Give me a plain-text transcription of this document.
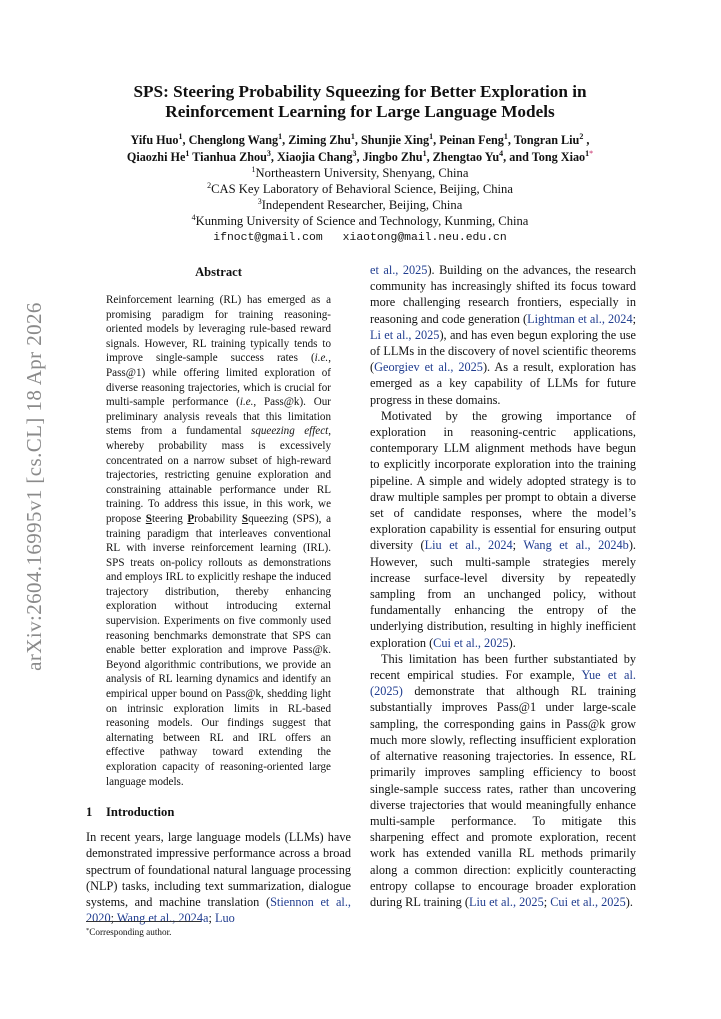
arXiv:2604.16995v1 [cs.CL] 18 Apr 2026
SPS: Steering Probability Squeezing for Better Exploration in
Reinforcement Learning for Large Language Models
Yifu Huo$^1$, Chenglong Wang$^1$, Ziming Zhu$^1$, Shunjie Xing$^1$, Peinan Feng$^1$, Tongran Liu$^2$ ,
Qiaozhi He$^1$ Tianhua Zhou$^3$, Xiaojia Chang$^3$, Jingbo Zhu$^1$, Zhengtao Yu$^4$, and Tong Xiao$^{1*}$
$^1$Northeastern University, Shenyang, China
$^2$CAS Key Laboratory of Behavioral Science, Beijing, China
$^3$Independent Researcher, Beijing, China
$^4$Kunming University of Science and Technology, Kunming, China
ifnoct@gmail.com xiaotong@mail.neu.edu.cn
Abstract

Reinforcement learning (RL) has emerged as a promising paradigm for training reasoning-oriented models by leveraging rule-based reward signals. However, RL training typically tends to improve single-sample success rates (i.e., Pass@1) while offering limited exploration of diverse reasoning trajectories, which is crucial for multi-sample performance (i.e., Pass@k). Our preliminary analysis reveals that this limitation stems from a fundamental squeezing effect, whereby probability mass is excessively concentrated on a narrow subset of high-reward trajectories, restricting genuine exploration and constraining attainable performance under RL training. To address this issue, in this work, we propose Steering Probability Squeezing (SPS), a training paradigm that interleaves conventional RL with inverse reinforcement learning (IRL). SPS treats on-policy rollouts as demonstrations and employs IRL to explicitly reshape the induced trajectory distribution, thereby enhancing exploration without introducing external supervision. Experiments on five commonly used reasoning benchmarks demonstrate that SPS can enable better exploration and improve Pass@k. Beyond algorithmic contributions, we provide an analysis of RL learning dynamics and identify an empirical upper bound on Pass@k, shedding light on intrinsic exploration limits in RL-based reasoning models. Our findings suggest that alternating between RL and IRL offers an effective pathway toward extending the exploration capacity of reasoning-oriented large language models.

1 Introduction

In recent years, large language models (LLMs) have demonstrated impressive performance across a broad spectrum of foundational natural language processing (NLP) tasks, including text summarization, dialogue systems, and machine translation (Stiennon et al., 2020; Wang et al., 2024a; Luo

*Corresponding author.

et al., 2025). Building on the advances, the research community has increasingly shifted its focus toward more challenging research frontiers, especially in reasoning and code generation (Lightman et al., 2024; Li et al., 2025), and has even begun exploring the use of LLMs in the discovery of novel scientific theorems (Georgiev et al., 2025). As a result, exploration has emerged as a key capability of LLMs for future progress in these domains.

Motivated by the growing importance of exploration in reasoning-centric applications, contemporary LLM alignment methods have begun to explicitly incorporate exploration into the training pipeline. A simple and widely adopted strategy is to draw multiple samples per prompt to obtain a diverse set of candidate responses, where the model’s exploration capability is essential for ensuring output diversity (Liu et al., 2024; Wang et al., 2024b). However, such multi-sample strategies merely increase surface-level diversity by repeatedly sampling from an unchanged policy, without fundamentally enhancing the entropy of the underlying distribution, resulting in highly inefficient exploration (Cui et al., 2025).

This limitation has been further substantiated by recent empirical studies. For example, Yue et al. (2025) demonstrate that although RL training substantially improves Pass@1 under large-scale sampling, the corresponding gains in Pass@k grow much more slowly, reflecting insufficient exploration of alternative reasoning trajectories. In essence, RL primarily improves sampling efficiency to boost single-sample success rates, rather than uncovering diverse trajectories that would meaningfully enhance multi-sample performance. To mitigate this sharpening effect and promote exploration, recent work has extended vanilla RL methods primarily along a common direction: explicitly counteracting entropy collapse to encourage broader exploration during RL training (Liu et al., 2025; Cui et al., 2025).
